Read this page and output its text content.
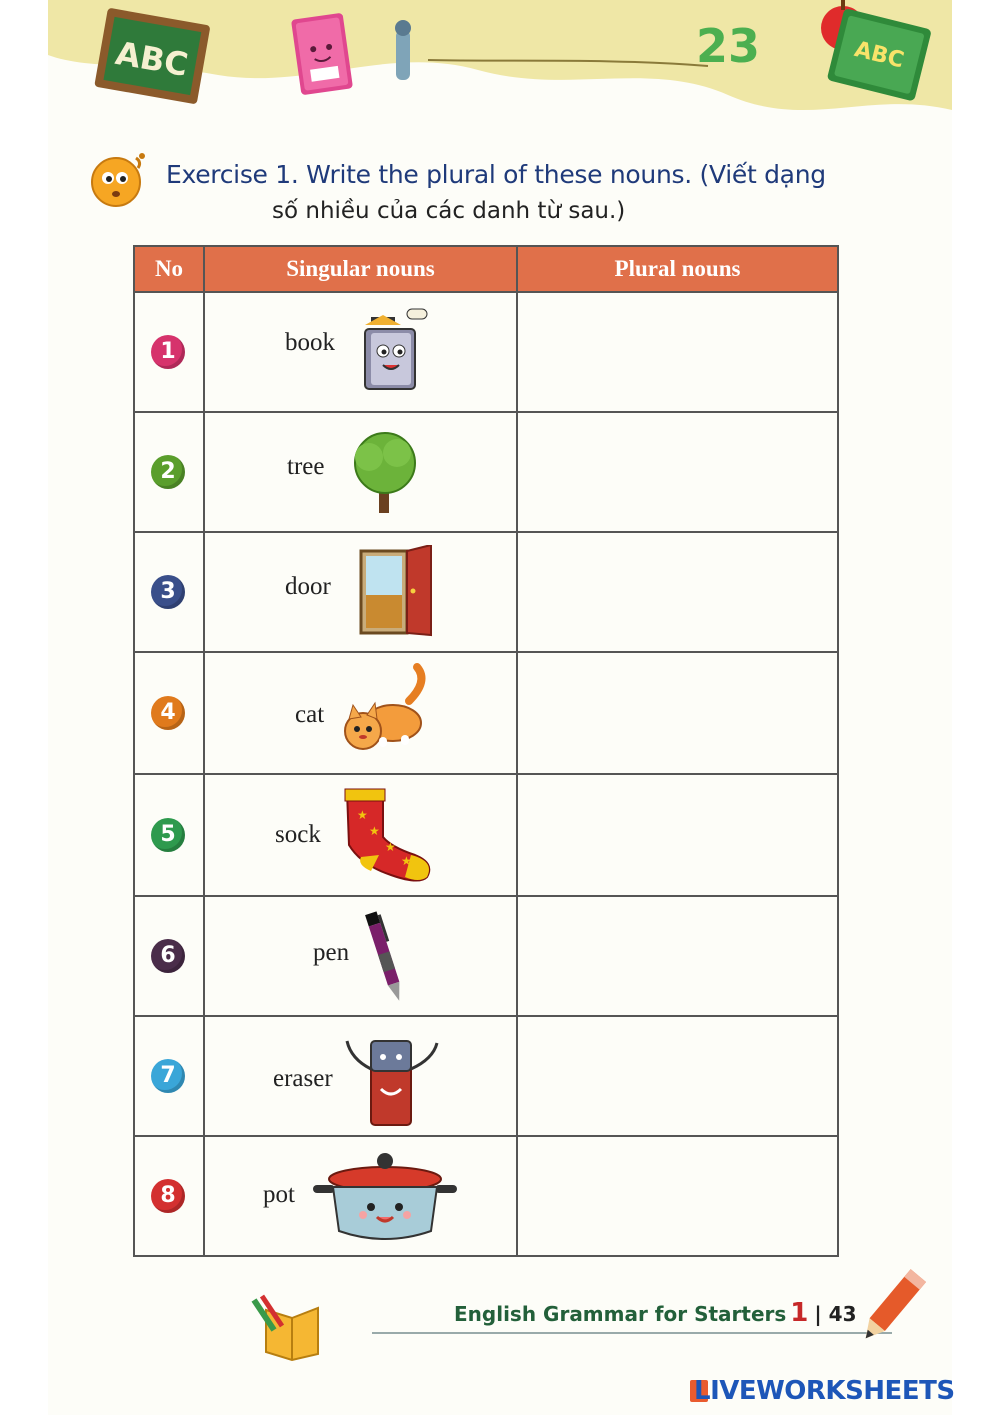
ABC	23	ABC
Exercise 1. Write the plural of these nouns. (Viết dạng
số nhiều của các danh từ sau.)
No	Singular nouns	Plural nouns

1	book

2	tree

3	door

4	cat

5	sock
★
★
★
★

6	pen

7	eraser

8	pot

English Grammar for Starters 1 | 43
LIVEWORKSHEETS
